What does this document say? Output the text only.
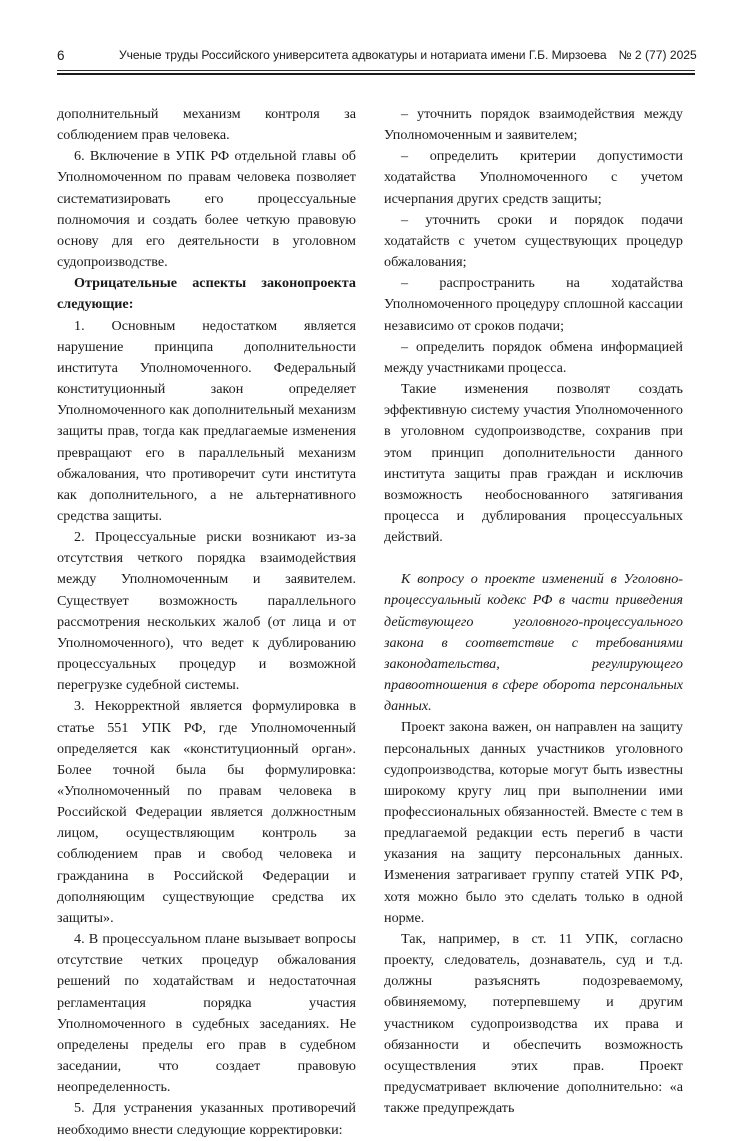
6	Ученые труды Российского университета адвокатуры и нотариата имени Г.Б. Мирзоева № 2 (77) 2025

дополнительный механизм контроля за соблюдением прав человека.

6. Включение в УПК РФ отдельной главы об Уполномоченном по правам человека позволяет систематизировать его процессуальные полномочия и создать более четкую правовую основу для его деятельности в уголовном судопроизводстве.

Отрицательные аспекты законопроекта следующие:

1. Основным недостатком является нарушение принципа дополнительности института Уполномоченного. Федеральный конституционный закон определяет Уполномоченного как дополнительный механизм защиты прав, тогда как предлагаемые изменения превращают его в параллельный механизм обжалования, что противоречит сути института как дополнительного, а не альтернативного средства защиты.

2. Процессуальные риски возникают из-за отсутствия четкого порядка взаимодействия между Уполномоченным и заявителем. Существует возможность параллельного рассмотрения нескольких жалоб (от лица и от Уполномоченного), что ведет к дублированию процессуальных процедур и возможной перегрузке судебной системы.

3. Некорректной является формулировка в статье 551 УПК РФ, где Уполномоченный определяется как «конституционный орган». Более точной была бы формулировка: «Уполномоченный по правам человека в Российской Федерации является должностным лицом, осуществляющим контроль за соблюдением прав и свобод человека и гражданина в Российской Федерации и дополняющим существующие средства их защиты».

4. В процессуальном плане вызывает вопросы отсутствие четких процедур обжалования решений по ходатайствам и недостаточная регламентация порядка участия Уполномоченного в судебных заседаниях. Не определены пределы его прав в судебном заседании, что создает правовую неопределенность.

5. Для устранения указанных противоречий необходимо внести следующие корректировки:

– уточнить порядок взаимодействия между Уполномоченным и заявителем;

– определить критерии допустимости ходатайства Уполномоченного с учетом исчерпания других средств защиты;

– уточнить сроки и порядок подачи ходатайств с учетом существующих процедур обжалования;

– распространить на ходатайства Уполномоченного процедуру сплошной кассации независимо от сроков подачи;

– определить порядок обмена информацией между участниками процесса.

Такие изменения позволят создать эффективную систему участия Уполномоченного в уголовном судопроизводстве, сохранив при этом принцип дополнительности данного института защиты прав граждан и исключив возможность необоснованного затягивания процесса и дублирования процессуальных действий.

К вопросу о проекте изменений в Уголовно-процессуальный кодекс РФ в части приведения действующего уголовного-процессуального закона в соответствие с требованиями законодательства, регулирующего правоотношения в сфере оборота персональных данных.

Проект закона важен, он направлен на защиту персональных данных участников уголовного судопроизводства, которые могут быть известны широкому кругу лиц при выполнении ими профессиональных обязанностей. Вместе с тем в предлагаемой редакции есть перегиб в части указания на защиту персональных данных. Изменения затрагивает группу статей УПК РФ, хотя можно было это сделать только в одной норме.

Так, например, в ст. 11 УПК, согласно проекту, следователь, дознаватель, суд и т.д. должны разъяснять подозреваемому, обвиняемому, потерпевшему и другим участником судопроизводства их права и обязанности и обеспечить возможность осуществления этих прав. Проект предусматривает включение дополнительно: «а также предупреждать
